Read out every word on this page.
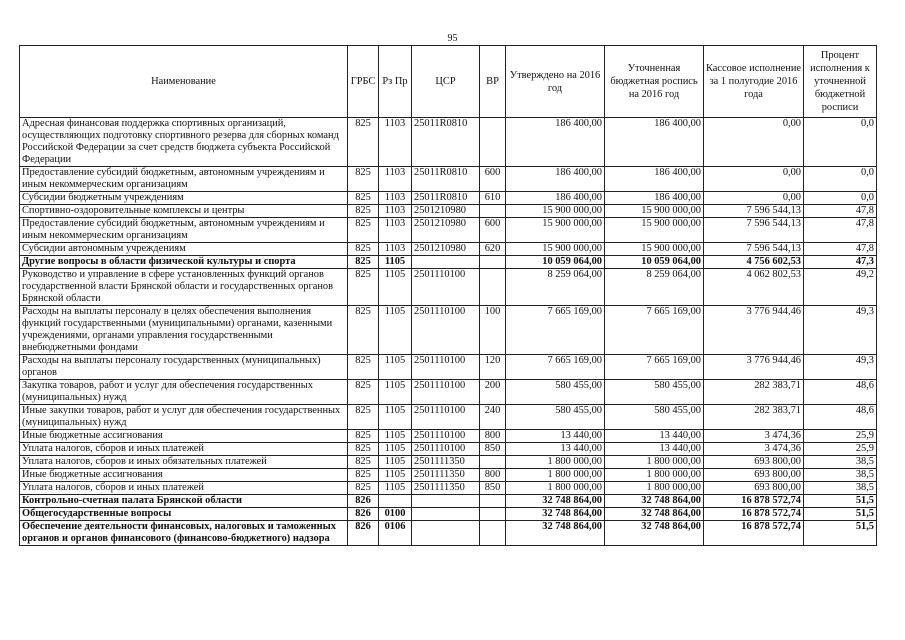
95
Наименование	ГРБС	Рз Пр	ЦСР	ВР	Утверждено на 2016 год	Уточненная бюджетная роспись на 2016 год	Кассовое исполнение за 1 полугодие 2016 года	Процент исполнения к уточненной бюджетной росписи
Адресная финансовая поддержка спортивных организаций, осуществляющих подготовку спортивного резерва для сборных команд Российской Федерации за счет средств бюджета субъекта Российской Федерации	825	1103	25011R0810		186 400,00	186 400,00	0,00	0,0
Предоставление субсидий бюджетным, автономным учреждениям и иным некоммерческим организациям	825	1103	25011R0810	600	186 400,00	186 400,00	0,00	0,0
Субсидии бюджетным учреждениям	825	1103	25011R0810	610	186 400,00	186 400,00	0,00	0,0
Спортивно-оздоровительные комплексы и центры	825	1103	2501210980		15 900 000,00	15 900 000,00	7 596 544,13	47,8
Предоставление субсидий бюджетным, автономным учреждениям и иным некоммерческим организациям	825	1103	2501210980	600	15 900 000,00	15 900 000,00	7 596 544,13	47,8
Субсидии автономным учреждениям	825	1103	2501210980	620	15 900 000,00	15 900 000,00	7 596 544,13	47,8
Другие вопросы в области физической культуры и спорта	825	1105			10 059 064,00	10 059 064,00	4 756 602,53	47,3
Руководство и управление в сфере установленных функций органов государственной власти Брянской области и государственных органов Брянской области	825	1105	2501110100		8 259 064,00	8 259 064,00	4 062 802,53	49,2
Расходы на выплаты персоналу в целях обеспечения выполнения функций государственными (муниципальными) органами, казенными учреждениями, органами управления государственными внебюджетными фондами	825	1105	2501110100	100	7 665 169,00	7 665 169,00	3 776 944,46	49,3
Расходы на выплаты персоналу государственных (муниципальных) органов	825	1105	2501110100	120	7 665 169,00	7 665 169,00	3 776 944,46	49,3
Закупка товаров, работ и услуг для обеспечения государственных (муниципальных) нужд	825	1105	2501110100	200	580 455,00	580 455,00	282 383,71	48,6
Иные закупки товаров, работ и услуг для обеспечения государственных (муниципальных) нужд	825	1105	2501110100	240	580 455,00	580 455,00	282 383,71	48,6
Иные бюджетные ассигнования	825	1105	2501110100	800	13 440,00	13 440,00	3 474,36	25,9
Уплата налогов, сборов и иных платежей	825	1105	2501110100	850	13 440,00	13 440,00	3 474,36	25,9
Уплата налогов, сборов и иных обязательных платежей	825	1105	2501111350		1 800 000,00	1 800 000,00	693 800,00	38,5
Иные бюджетные ассигнования	825	1105	2501111350	800	1 800 000,00	1 800 000,00	693 800,00	38,5
Уплата налогов, сборов и иных платежей	825	1105	2501111350	850	1 800 000,00	1 800 000,00	693 800,00	38,5
Контрольно-счетная палата Брянской области	826				32 748 864,00	32 748 864,00	16 878 572,74	51,5
Общегосударственные вопросы	826	0100			32 748 864,00	32 748 864,00	16 878 572,74	51,5
Обеспечение деятельности финансовых, налоговых и таможенных органов и органов финансового (финансово-бюджетного) надзора	826	0106			32 748 864,00	32 748 864,00	16 878 572,74	51,5
